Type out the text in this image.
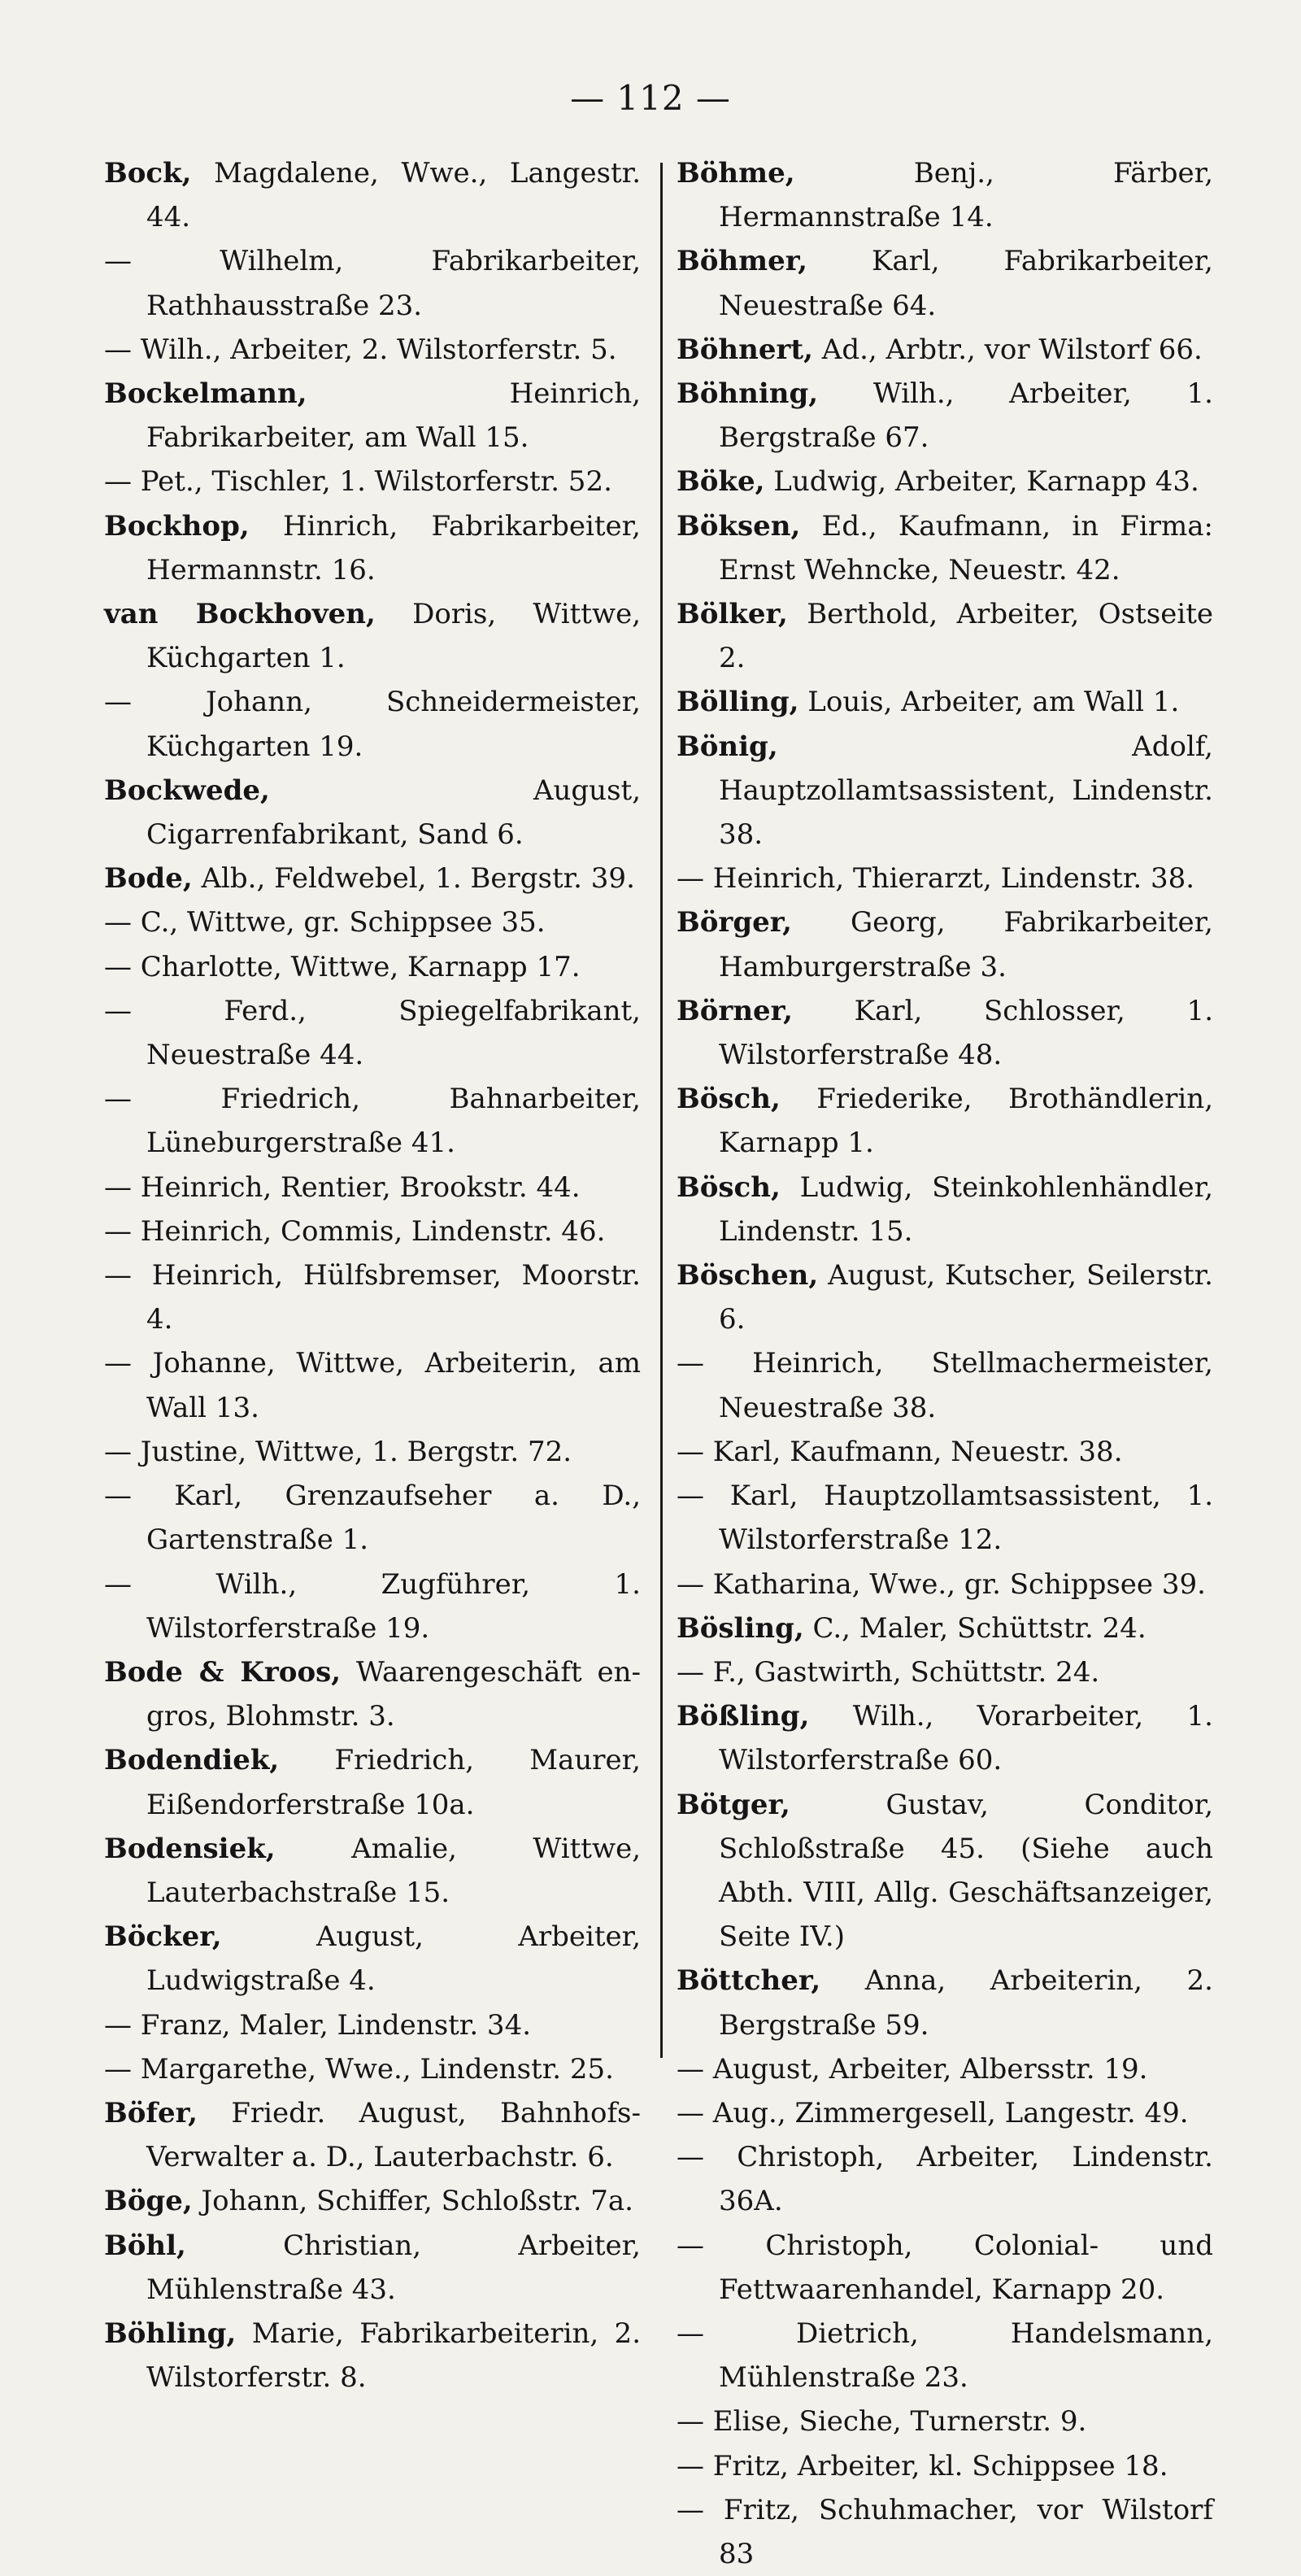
— 112 —

Bock, Magdalene, Wwe., Langestr. 44.

— Wilhelm, Fabrikarbeiter, Rathhausstraße 23.

— Wilh., Arbeiter, 2. Wilstorferstr. 5.

Bockelmann, Heinrich, Fabrikarbeiter, am Wall 15.

— Pet., Tischler, 1. Wilstorferstr. 52.

Bockhop, Hinrich, Fabrikarbeiter, Hermannstr. 16.

van Bockhoven, Doris, Wittwe, Küchgarten 1.

— Johann, Schneidermeister, Küchgarten 19.

Bockwede, August, Cigarrenfabrikant, Sand 6.

Bode, Alb., Feldwebel, 1. Bergstr. 39.

— C., Wittwe, gr. Schippsee 35.

— Charlotte, Wittwe, Karnapp 17.

— Ferd., Spiegelfabrikant, Neuestraße 44.

— Friedrich, Bahnarbeiter, Lüneburgerstraße 41.

— Heinrich, Rentier, Brookstr. 44.

— Heinrich, Commis, Lindenstr. 46.

— Heinrich, Hülfsbremser, Moorstr. 4.

— Johanne, Wittwe, Arbeiterin, am Wall 13.

— Justine, Wittwe, 1. Bergstr. 72.

— Karl, Grenzaufseher a. D., Gartenstraße 1.

— Wilh., Zugführer, 1. Wilstorferstraße 19.

Bode & Kroos, Waarengeschäft en-gros, Blohmstr. 3.

Bodendiek, Friedrich, Maurer, Eißendorferstraße 10a.

Bodensiek, Amalie, Wittwe, Lauterbachstraße 15.

Böcker, August, Arbeiter, Ludwigstraße 4.

— Franz, Maler, Lindenstr. 34.

— Margarethe, Wwe., Lindenstr. 25.

Böfer, Friedr. August, Bahnhofs-Verwalter a. D., Lauterbachstr. 6.

Böge, Johann, Schiffer, Schloßstr. 7a.

Böhl, Christian, Arbeiter, Mühlenstraße 43.

Böhling, Marie, Fabrikarbeiterin, 2. Wilstorferstr. 8.

Böhme, Benj., Färber, Hermannstraße 14.

Böhmer, Karl, Fabrikarbeiter, Neuestraße 64.

Böhnert, Ad., Arbtr., vor Wilstorf 66.

Böhning, Wilh., Arbeiter, 1. Bergstraße 67.

Böke, Ludwig, Arbeiter, Karnapp 43.

Böksen, Ed., Kaufmann, in Firma: Ernst Wehncke, Neuestr. 42.

Bölker, Berthold, Arbeiter, Ostseite 2.

Bölling, Louis, Arbeiter, am Wall 1.

Bönig, Adolf, Hauptzollamtsassistent, Lindenstr. 38.

— Heinrich, Thierarzt, Lindenstr. 38.

Börger, Georg, Fabrikarbeiter, Hamburgerstraße 3.

Börner, Karl, Schlosser, 1. Wilstorferstraße 48.

Bösch, Friederike, Brothändlerin, Karnapp 1.

Bösch, Ludwig, Steinkohlenhändler, Lindenstr. 15.

Böschen, August, Kutscher, Seilerstr. 6.

— Heinrich, Stellmachermeister, Neuestraße 38.

— Karl, Kaufmann, Neuestr. 38.

— Karl, Hauptzollamtsassistent, 1. Wilstorferstraße 12.

— Katharina, Wwe., gr. Schippsee 39.

Bösling, C., Maler, Schüttstr. 24.

— F., Gastwirth, Schüttstr. 24.

Bößling, Wilh., Vorarbeiter, 1. Wilstorferstraße 60.

Bötger, Gustav, Conditor, Schloßstraße 45. (Siehe auch Abth. VIII, Allg. Geschäftsanzeiger, Seite IV.)

Böttcher, Anna, Arbeiterin, 2. Bergstraße 59.

— August, Arbeiter, Albersstr. 19.

— Aug., Zimmergesell, Langestr. 49.

— Christoph, Arbeiter, Lindenstr. 36A.

— Christoph, Colonial- und Fettwaarenhandel, Karnapp 20.

— Dietrich, Handelsmann, Mühlenstraße 23.

— Elise, Sieche, Turnerstr. 9.

— Fritz, Arbeiter, kl. Schippsee 18.

— Fritz, Schuhmacher, vor Wilstorf 83
